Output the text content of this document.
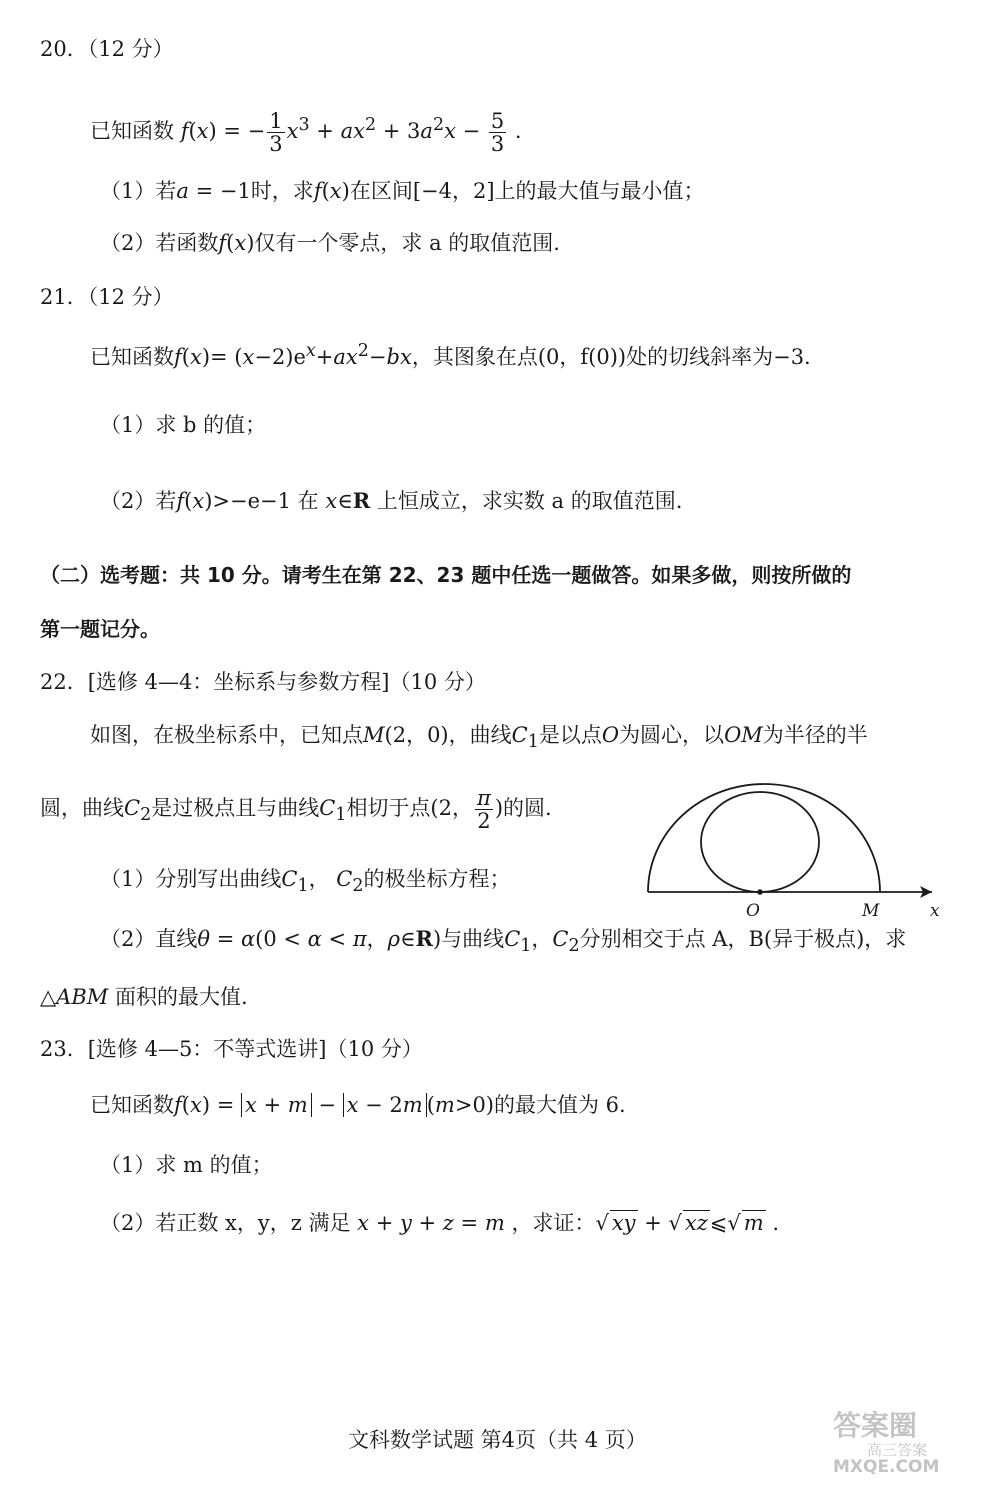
20．（12 分）
已知函数 f(x) = − $\frac{1}{3} x^3 + ax^2 + 3a^2x - \frac{5}{3}$ .
（1）若a = −1时，求f(x)在区间[−4，2]上的最大值与最小值；
（2）若函数f(x)仅有一个零点，求 a 的取值范围.
21．（12 分）
已知函数$f(x)= (x-2)e^x+ax^2-bx$，其图象在点(0，f(0))处的切线斜率为−3.
（1）求 b 的值；
（2）若f(x)>−e−1 在 x∈R 上恒成立，求实数 a 的取值范围.
（二）选考题：共 10 分。请考生在第 22、23 题中任选一题做答。如果多做，则按所做的
第一题记分。
22．[选修 4—4：坐标系与参数方程]（10 分）
如图，在极坐标系中，已知点M(2，0)，曲线$C_1$是以点O为圆心，以OM为半径的半
圆，曲线$C_2$是过极点且与曲线$C_1$相切于点(2， $\frac{\pi}{2}$ )的圆.
（1）分别写出曲线$C_1$， $C_2$的极坐标方程；
（2）直线θ = α(0 < α < π，ρ∈R)与曲线$C_1$，$C_2$分别相交于点 A，B(异于极点)，求
△ABM 面积的最大值.
O	M	x
23．[选修 4—5：不等式选讲]（10 分）
已知函数f(x) = x + m − x − 2m (m>0)的最大值为 6.
（1）求 m 的值；
（2）若正数 x，y，z 满足 x + y + z = m ，求证：√ xy + √ xz⩽√ m .
文科数学试题 第4页（共 4 页）	答案圈
高三答案
MXQE.COM
